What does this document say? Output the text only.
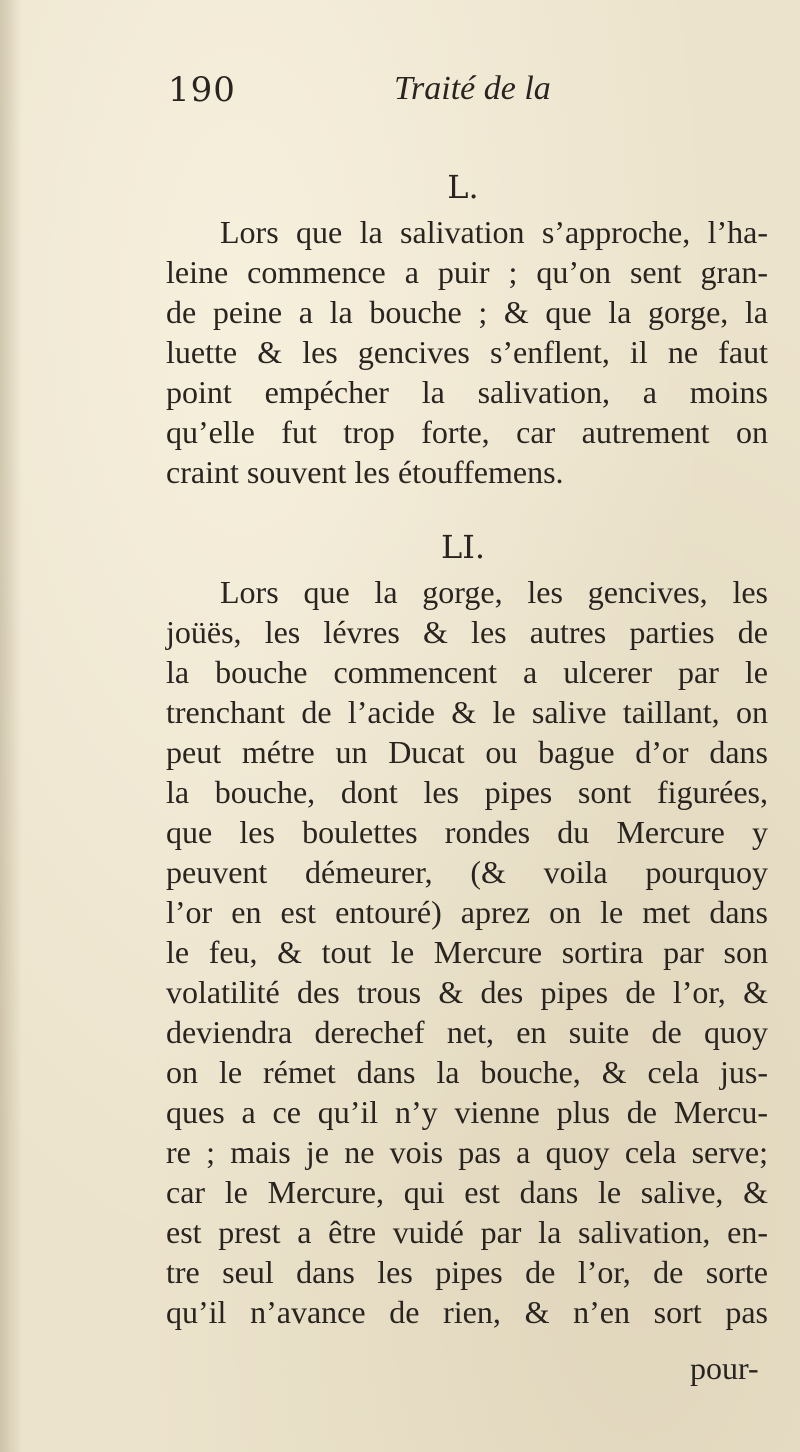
190	Traité de la
L.

Lors que la salivation s’approche, l’ha-
leine commence a puir ; qu’on sent gran-
de peine a la bouche ; & que la gorge, la
luette & les gencives s’enflent, il ne faut
point empécher la salivation, a moins
qu’elle fut trop forte, car autrement on
craint souvent les étouffemens.

LI.

Lors que la gorge, les gencives, les
joüës, les lévres & les autres parties de
la bouche commencent a ulcerer par le
trenchant de l’acide & le salive taillant, on
peut métre un Ducat ou bague d’or dans
la bouche, dont les pipes sont figurées,
que les boulettes rondes du Mercure y
peuvent démeurer, (& voila pourquoy
l’or en est entouré) aprez on le met dans
le feu, & tout le Mercure sortira par son
volatilité des trous & des pipes de l’or, &
deviendra derechef net, en suite de quoy
on le rémet dans la bouche, & cela jus-
ques a ce qu’il n’y vienne plus de Mercu-
re ; mais je ne vois pas a quoy cela serve;
car le Mercure, qui est dans le salive, &
est prest a être vuidé par la salivation, en-
tre seul dans les pipes de l’or, de sorte
qu’il n’avance de rien, & n’en sort pas

pour-
